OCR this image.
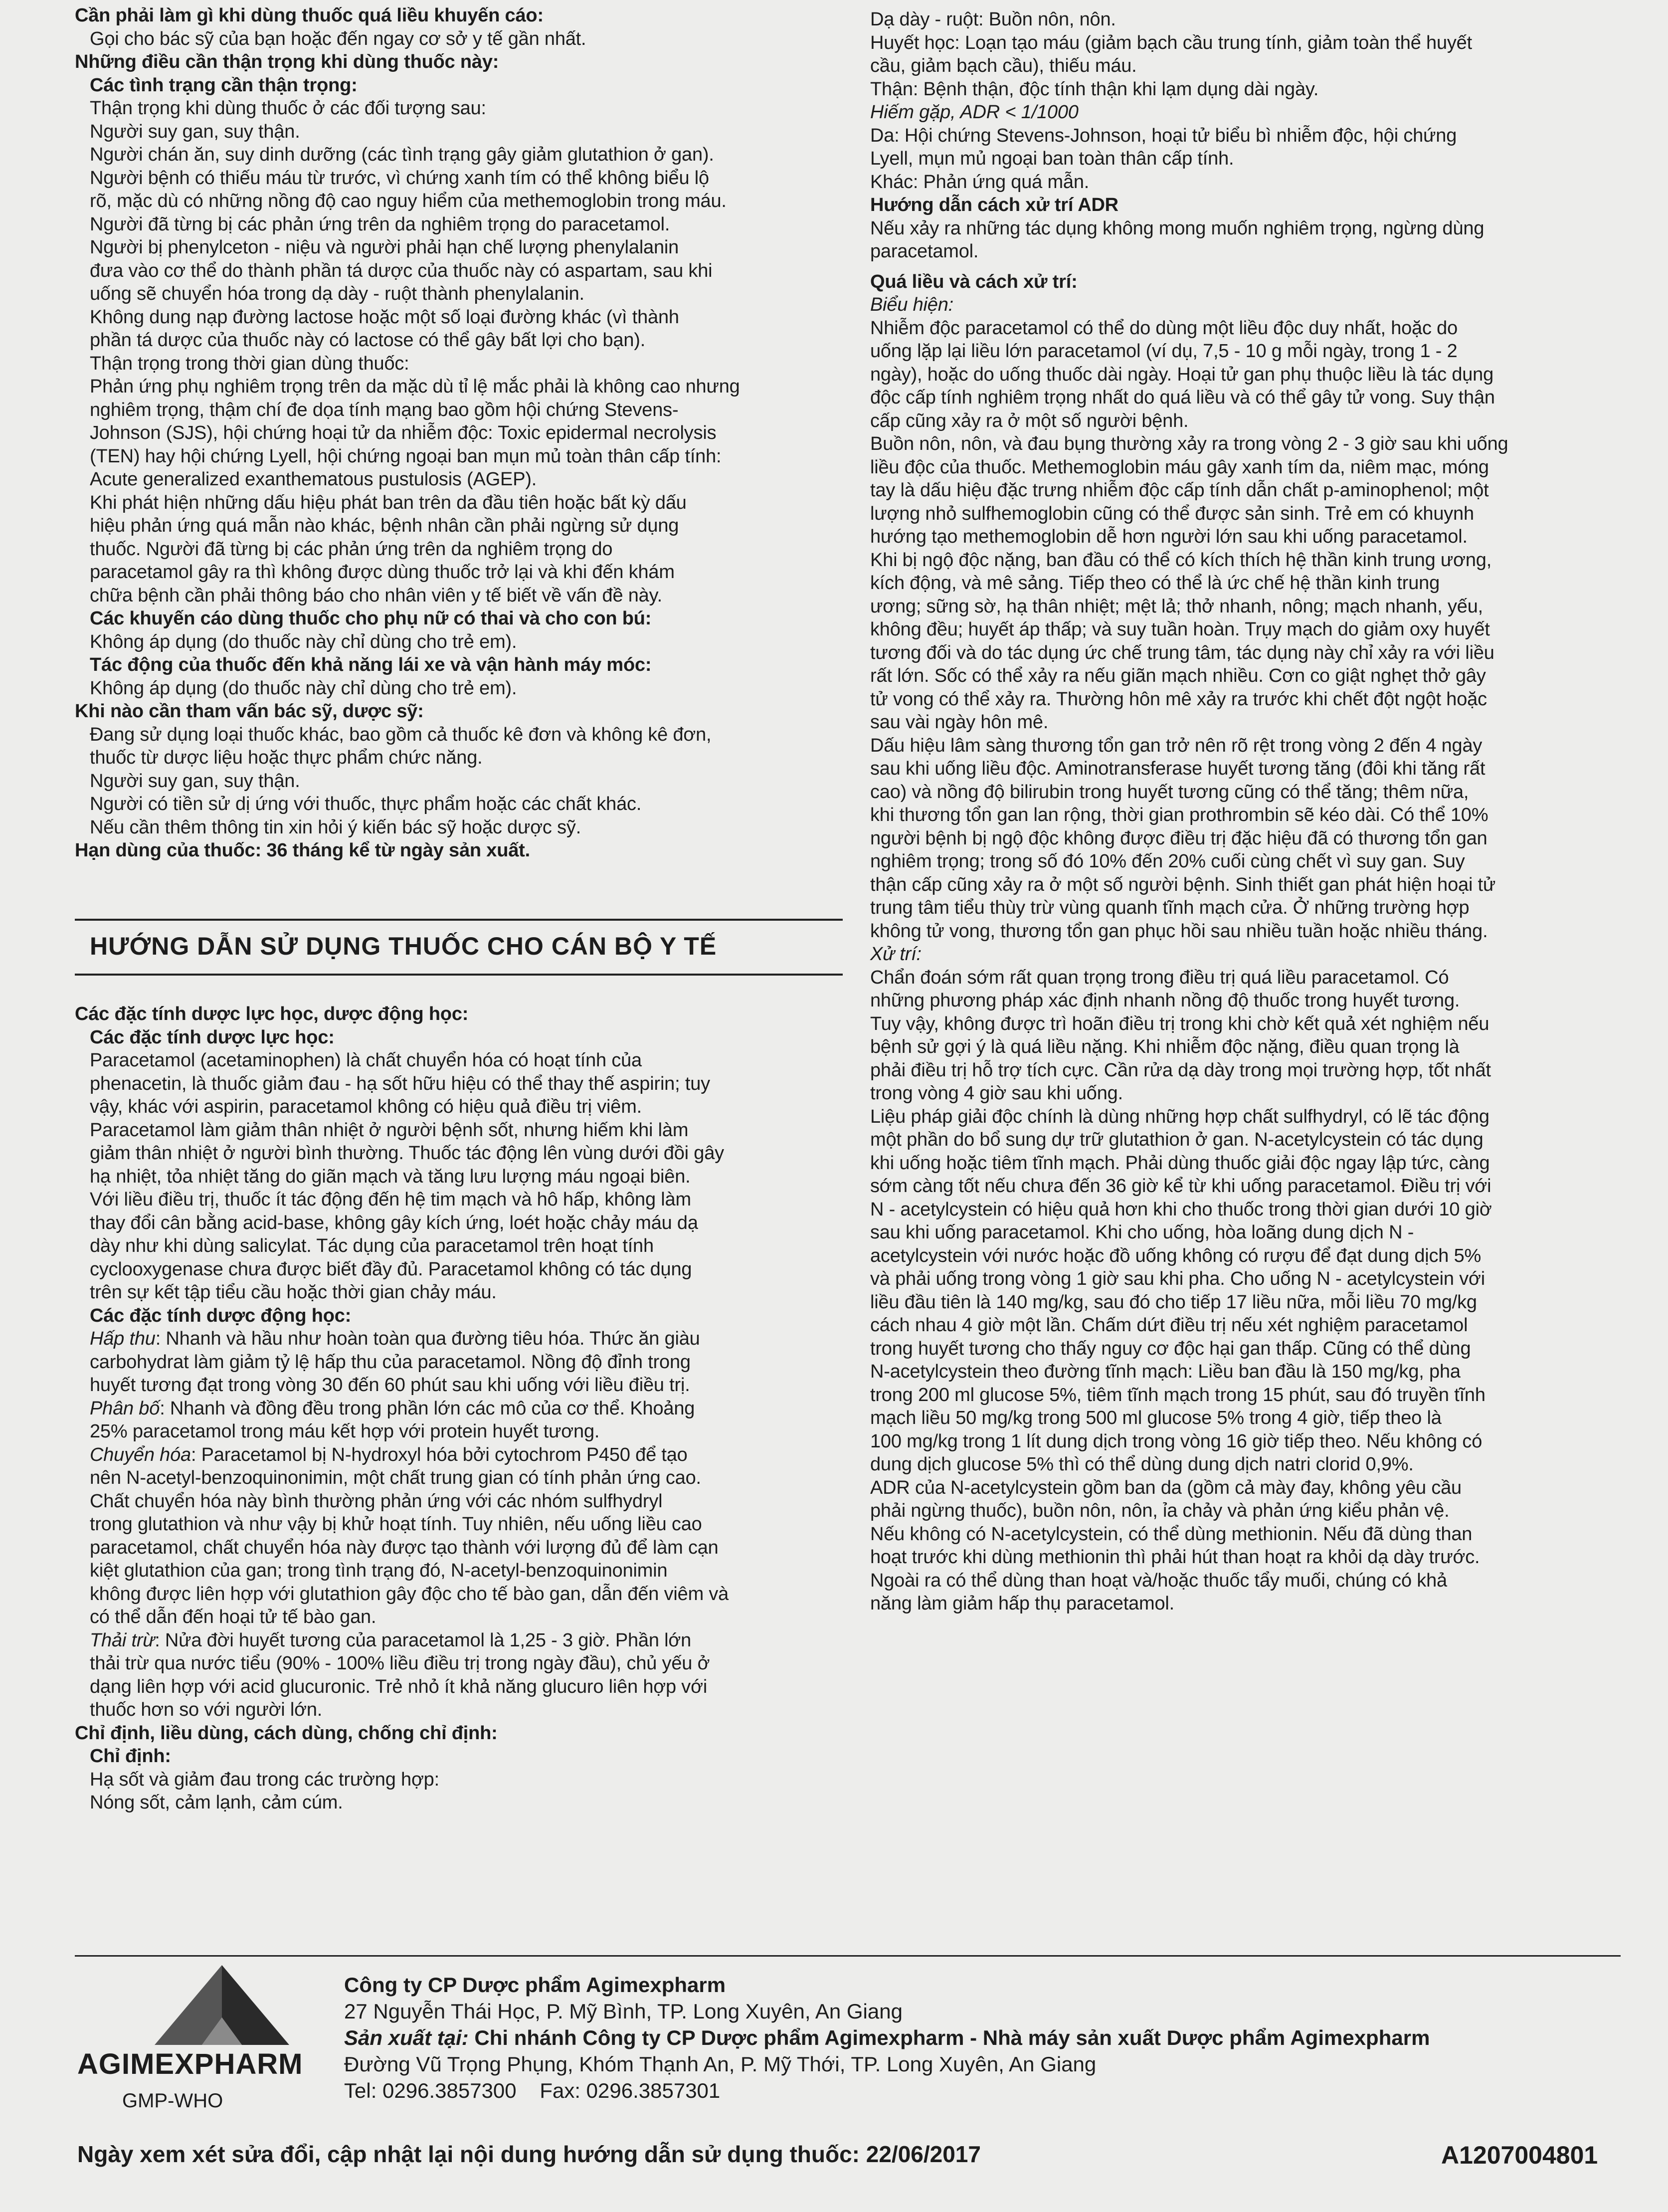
Cần phải làm gì khi dùng thuốc quá liều khuyến cáo:
Gọi cho bác sỹ của bạn hoặc đến ngay cơ sở y tế gần nhất.
Những điều cần thận trọng khi dùng thuốc này:
Các tình trạng cần thận trọng:
Thận trọng khi dùng thuốc ở các đối tượng sau:
Người suy gan, suy thận.
Người chán ăn, suy dinh dưỡng (các tình trạng gây giảm glutathion ở gan).
Người bệnh có thiếu máu từ trước, vì chứng xanh tím có thể không biểu lộ
rõ, mặc dù có những nồng độ cao nguy hiểm của methemoglobin trong máu.
Người đã từng bị các phản ứng trên da nghiêm trọng do paracetamol.
Người bị phenylceton - niệu và người phải hạn chế lượng phenylalanin
đưa vào cơ thể do thành phần tá dược của thuốc này có aspartam, sau khi
uống sẽ chuyển hóa trong dạ dày - ruột thành phenylalanin.
Không dung nạp đường lactose hoặc một số loại đường khác (vì thành
phần tá dược của thuốc này có lactose có thể gây bất lợi cho bạn).
Thận trọng trong thời gian dùng thuốc:
Phản ứng phụ nghiêm trọng trên da mặc dù tỉ lệ mắc phải là không cao nhưng
nghiêm trọng, thậm chí đe dọa tính mạng bao gồm hội chứng Stevens-
Johnson (SJS), hội chứng hoại tử da nhiễm độc: Toxic epidermal necrolysis
(TEN) hay hội chứng Lyell, hội chứng ngoại ban mụn mủ toàn thân cấp tính:
Acute generalized exanthematous pustulosis (AGEP).
Khi phát hiện những dấu hiệu phát ban trên da đầu tiên hoặc bất kỳ dấu
hiệu phản ứng quá mẫn nào khác, bệnh nhân cần phải ngừng sử dụng
thuốc. Người đã từng bị các phản ứng trên da nghiêm trọng do
paracetamol gây ra thì không được dùng thuốc trở lại và khi đến khám
chữa bệnh cần phải thông báo cho nhân viên y tế biết về vấn đề này.
Các khuyến cáo dùng thuốc cho phụ nữ có thai và cho con bú:
Không áp dụng (do thuốc này chỉ dùng cho trẻ em).
Tác động của thuốc đến khả năng lái xe và vận hành máy móc:
Không áp dụng (do thuốc này chỉ dùng cho trẻ em).
Khi nào cần tham vấn bác sỹ, dược sỹ:
Đang sử dụng loại thuốc khác, bao gồm cả thuốc kê đơn và không kê đơn,
thuốc từ dược liệu hoặc thực phẩm chức năng.
Người suy gan, suy thận.
Người có tiền sử dị ứng với thuốc, thực phẩm hoặc các chất khác.
Nếu cần thêm thông tin xin hỏi ý kiến bác sỹ hoặc dược sỹ.
Hạn dùng của thuốc: 36 tháng kể từ ngày sản xuất.
HƯỚNG DẪN SỬ DỤNG THUỐC CHO CÁN BỘ Y TẾ
Các đặc tính dược lực học, dược động học:
Các đặc tính dược lực học:
Paracetamol (acetaminophen) là chất chuyển hóa có hoạt tính của
phenacetin, là thuốc giảm đau - hạ sốt hữu hiệu có thể thay thế aspirin; tuy
vậy, khác với aspirin, paracetamol không có hiệu quả điều trị viêm.
Paracetamol làm giảm thân nhiệt ở người bệnh sốt, nhưng hiếm khi làm
giảm thân nhiệt ở người bình thường. Thuốc tác động lên vùng dưới đồi gây
hạ nhiệt, tỏa nhiệt tăng do giãn mạch và tăng lưu lượng máu ngoại biên.
Với liều điều trị, thuốc ít tác động đến hệ tim mạch và hô hấp, không làm
thay đổi cân bằng acid-base, không gây kích ứng, loét hoặc chảy máu dạ
dày như khi dùng salicylat. Tác dụng của paracetamol trên hoạt tính
cyclooxygenase chưa được biết đầy đủ. Paracetamol không có tác dụng
trên sự kết tập tiểu cầu hoặc thời gian chảy máu.
Các đặc tính dược động học:
Hấp thu: Nhanh và hầu như hoàn toàn qua đường tiêu hóa. Thức ăn giàu
carbohydrat làm giảm tỷ lệ hấp thu của paracetamol. Nồng độ đỉnh trong
huyết tương đạt trong vòng 30 đến 60 phút sau khi uống với liều điều trị.
Phân bố: Nhanh và đồng đều trong phần lớn các mô của cơ thể. Khoảng
25% paracetamol trong máu kết hợp với protein huyết tương.
Chuyển hóa: Paracetamol bị N-hydroxyl hóa bởi cytochrom P450 để tạo
nên N-acetyl-benzoquinonimin, một chất trung gian có tính phản ứng cao.
Chất chuyển hóa này bình thường phản ứng với các nhóm sulfhydryl
trong glutathion và như vậy bị khử hoạt tính. Tuy nhiên, nếu uống liều cao
paracetamol, chất chuyển hóa này được tạo thành với lượng đủ để làm cạn
kiệt glutathion của gan; trong tình trạng đó, N-acetyl-benzoquinonimin
không được liên hợp với glutathion gây độc cho tế bào gan, dẫn đến viêm và
có thể dẫn đến hoại tử tế bào gan.
Thải trừ: Nửa đời huyết tương của paracetamol là 1,25 - 3 giờ. Phần lớn
thải trừ qua nước tiểu (90% - 100% liều điều trị trong ngày đầu), chủ yếu ở
dạng liên hợp với acid glucuronic. Trẻ nhỏ ít khả năng glucuro liên hợp với
thuốc hơn so với người lớn.
Chỉ định, liều dùng, cách dùng, chống chỉ định:
Chỉ định:
Hạ sốt và giảm đau trong các trường hợp:
Nóng sốt, cảm lạnh, cảm cúm.
Dạ dày - ruột: Buồn nôn, nôn.
Huyết học: Loạn tạo máu (giảm bạch cầu trung tính, giảm toàn thể huyết
cầu, giảm bạch cầu), thiếu máu.
Thận: Bệnh thận, độc tính thận khi lạm dụng dài ngày.
Hiếm gặp, ADR < 1/1000
Da: Hội chứng Stevens-Johnson, hoại tử biểu bì nhiễm độc, hội chứng
Lyell, mụn mủ ngoại ban toàn thân cấp tính.
Khác: Phản ứng quá mẫn.
Hướng dẫn cách xử trí ADR
Nếu xảy ra những tác dụng không mong muốn nghiêm trọng, ngừng dùng
paracetamol.
Quá liều và cách xử trí:
Biểu hiện:
Nhiễm độc paracetamol có thể do dùng một liều độc duy nhất, hoặc do
uống lặp lại liều lớn paracetamol (ví dụ, 7,5 - 10 g mỗi ngày, trong 1 - 2
ngày), hoặc do uống thuốc dài ngày. Hoại tử gan phụ thuộc liều là tác dụng
độc cấp tính nghiêm trọng nhất do quá liều và có thể gây tử vong. Suy thận
cấp cũng xảy ra ở một số người bệnh.
Buồn nôn, nôn, và đau bụng thường xảy ra trong vòng 2 - 3 giờ sau khi uống
liều độc của thuốc. Methemoglobin máu gây xanh tím da, niêm mạc, móng
tay là dấu hiệu đặc trưng nhiễm độc cấp tính dẫn chất p-aminophenol; một
lượng nhỏ sulfhemoglobin cũng có thể được sản sinh. Trẻ em có khuynh
hướng tạo methemoglobin dễ hơn người lớn sau khi uống paracetamol.
Khi bị ngộ độc nặng, ban đầu có thể có kích thích hệ thần kinh trung ương,
kích động, và mê sảng. Tiếp theo có thể là ức chế hệ thần kinh trung
ương; sững sờ, hạ thân nhiệt; mệt lả; thở nhanh, nông; mạch nhanh, yếu,
không đều; huyết áp thấp; và suy tuần hoàn. Trụy mạch do giảm oxy huyết
tương đối và do tác dụng ức chế trung tâm, tác dụng này chỉ xảy ra với liều
rất lớn. Sốc có thể xảy ra nếu giãn mạch nhiều. Cơn co giật nghẹt thở gây
tử vong có thể xảy ra. Thường hôn mê xảy ra trước khi chết đột ngột hoặc
sau vài ngày hôn mê.
Dấu hiệu lâm sàng thương tổn gan trở nên rõ rệt trong vòng 2 đến 4 ngày
sau khi uống liều độc. Aminotransferase huyết tương tăng (đôi khi tăng rất
cao) và nồng độ bilirubin trong huyết tương cũng có thể tăng; thêm nữa,
khi thương tổn gan lan rộng, thời gian prothrombin sẽ kéo dài. Có thể 10%
người bệnh bị ngộ độc không được điều trị đặc hiệu đã có thương tổn gan
nghiêm trọng; trong số đó 10% đến 20% cuối cùng chết vì suy gan. Suy
thận cấp cũng xảy ra ở một số người bệnh. Sinh thiết gan phát hiện hoại tử
trung tâm tiểu thùy trừ vùng quanh tĩnh mạch cửa. Ở những trường hợp
không tử vong, thương tổn gan phục hồi sau nhiều tuần hoặc nhiều tháng.
Xử trí:
Chẩn đoán sớm rất quan trọng trong điều trị quá liều paracetamol. Có
những phương pháp xác định nhanh nồng độ thuốc trong huyết tương.
Tuy vậy, không được trì hoãn điều trị trong khi chờ kết quả xét nghiệm nếu
bệnh sử gợi ý là quá liều nặng. Khi nhiễm độc nặng, điều quan trọng là
phải điều trị hỗ trợ tích cực. Cần rửa dạ dày trong mọi trường hợp, tốt nhất
trong vòng 4 giờ sau khi uống.
Liệu pháp giải độc chính là dùng những hợp chất sulfhydryl, có lẽ tác động
một phần do bổ sung dự trữ glutathion ở gan. N-acetylcystein có tác dụng
khi uống hoặc tiêm tĩnh mạch. Phải dùng thuốc giải độc ngay lập tức, càng
sớm càng tốt nếu chưa đến 36 giờ kể từ khi uống paracetamol. Điều trị với
N - acetylcystein có hiệu quả hơn khi cho thuốc trong thời gian dưới 10 giờ
sau khi uống paracetamol. Khi cho uống, hòa loãng dung dịch N -
acetylcystein với nước hoặc đồ uống không có rượu để đạt dung dịch 5%
và phải uống trong vòng 1 giờ sau khi pha. Cho uống N - acetylcystein với
liều đầu tiên là 140 mg/kg, sau đó cho tiếp 17 liều nữa, mỗi liều 70 mg/kg
cách nhau 4 giờ một lần. Chấm dứt điều trị nếu xét nghiệm paracetamol
trong huyết tương cho thấy nguy cơ độc hại gan thấp. Cũng có thể dùng
N-acetylcystein theo đường tĩnh mạch: Liều ban đầu là 150 mg/kg, pha
trong 200 ml glucose 5%, tiêm tĩnh mạch trong 15 phút, sau đó truyền tĩnh
mạch liều 50 mg/kg trong 500 ml glucose 5% trong 4 giờ, tiếp theo là
100 mg/kg trong 1 lít dung dịch trong vòng 16 giờ tiếp theo. Nếu không có
dung dịch glucose 5% thì có thể dùng dung dịch natri clorid 0,9%.
ADR của N-acetylcystein gồm ban da (gồm cả mày đay, không yêu cầu
phải ngừng thuốc), buồn nôn, nôn, ỉa chảy và phản ứng kiểu phản vệ.
Nếu không có N-acetylcystein, có thể dùng methionin. Nếu đã dùng than
hoạt trước khi dùng methionin thì phải hút than hoạt ra khỏi dạ dày trước.
Ngoài ra có thể dùng than hoạt và/hoặc thuốc tẩy muối, chúng có khả
năng làm giảm hấp thụ paracetamol.
AGIMEXPHARM
GMP-WHO
Công ty CP Dược phẩm Agimexpharm
27 Nguyễn Thái Học, P. Mỹ Bình, TP. Long Xuyên, An Giang
Sản xuất tại: Chi nhánh Công ty CP Dược phẩm Agimexpharm - Nhà máy sản xuất Dược phẩm Agimexpharm
Đường Vũ Trọng Phụng, Khóm Thạnh An, P. Mỹ Thới, TP. Long Xuyên, An Giang
Tel: 0296.3857300    Fax: 0296.3857301
Ngày xem xét sửa đổi, cập nhật lại nội dung hướng dẫn sử dụng thuốc: 22/06/2017	A1207004801
